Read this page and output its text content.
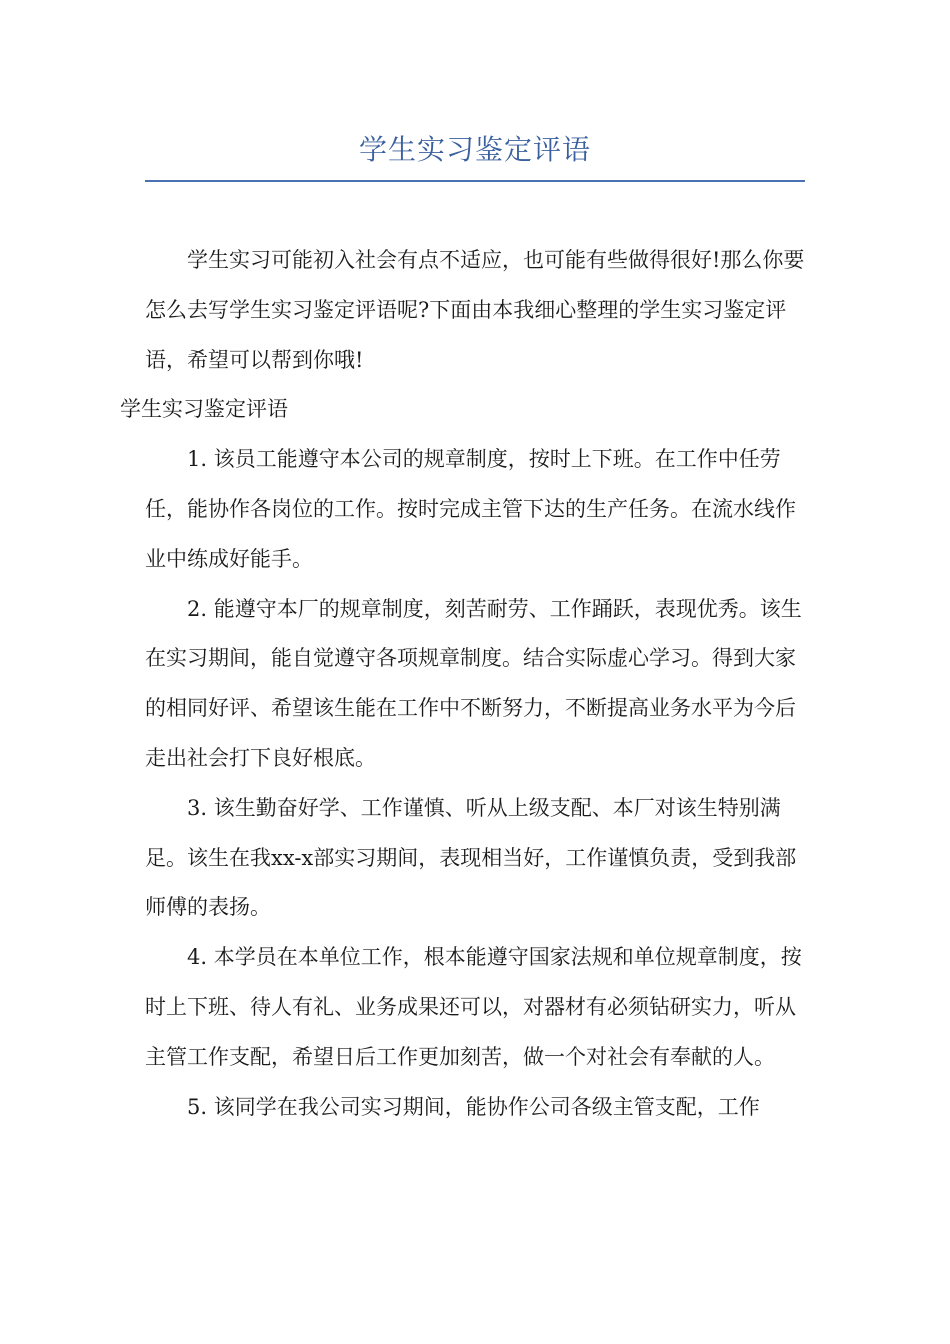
学生实习鉴定评语

学生实习可能初入社会有点不适应，也可能有些做得很好!那么你要怎么去写学生实习鉴定评语呢?下面由本我细心整理的学生实习鉴定评语，希望可以帮到你哦!

学生实习鉴定评语

1. 该员工能遵守本公司的规章制度，按时上下班。在工作中任劳任，能协作各岗位的工作。按时完成主管下达的生产任务。在流水线作业中练成好能手。

2. 能遵守本厂的规章制度，刻苦耐劳、工作踊跃，表现优秀。该生在实习期间，能自觉遵守各项规章制度。结合实际虚心学习。得到大家的相同好评、希望该生能在工作中不断努力，不断提高业务水平为今后走出社会打下良好根底。

3. 该生勤奋好学、工作谨慎、听从上级支配、本厂对该生特别满足。该生在我xx-x部实习期间，表现相当好，工作谨慎负责，受到我部师傅的表扬。

4. 本学员在本单位工作，根本能遵守国家法规和单位规章制度，按时上下班、待人有礼、业务成果还可以，对器材有必须钻研实力，听从主管工作支配，希望日后工作更加刻苦，做一个对社会有奉献的人。

5. 该同学在我公司实习期间，能协作公司各级主管支配，工作
